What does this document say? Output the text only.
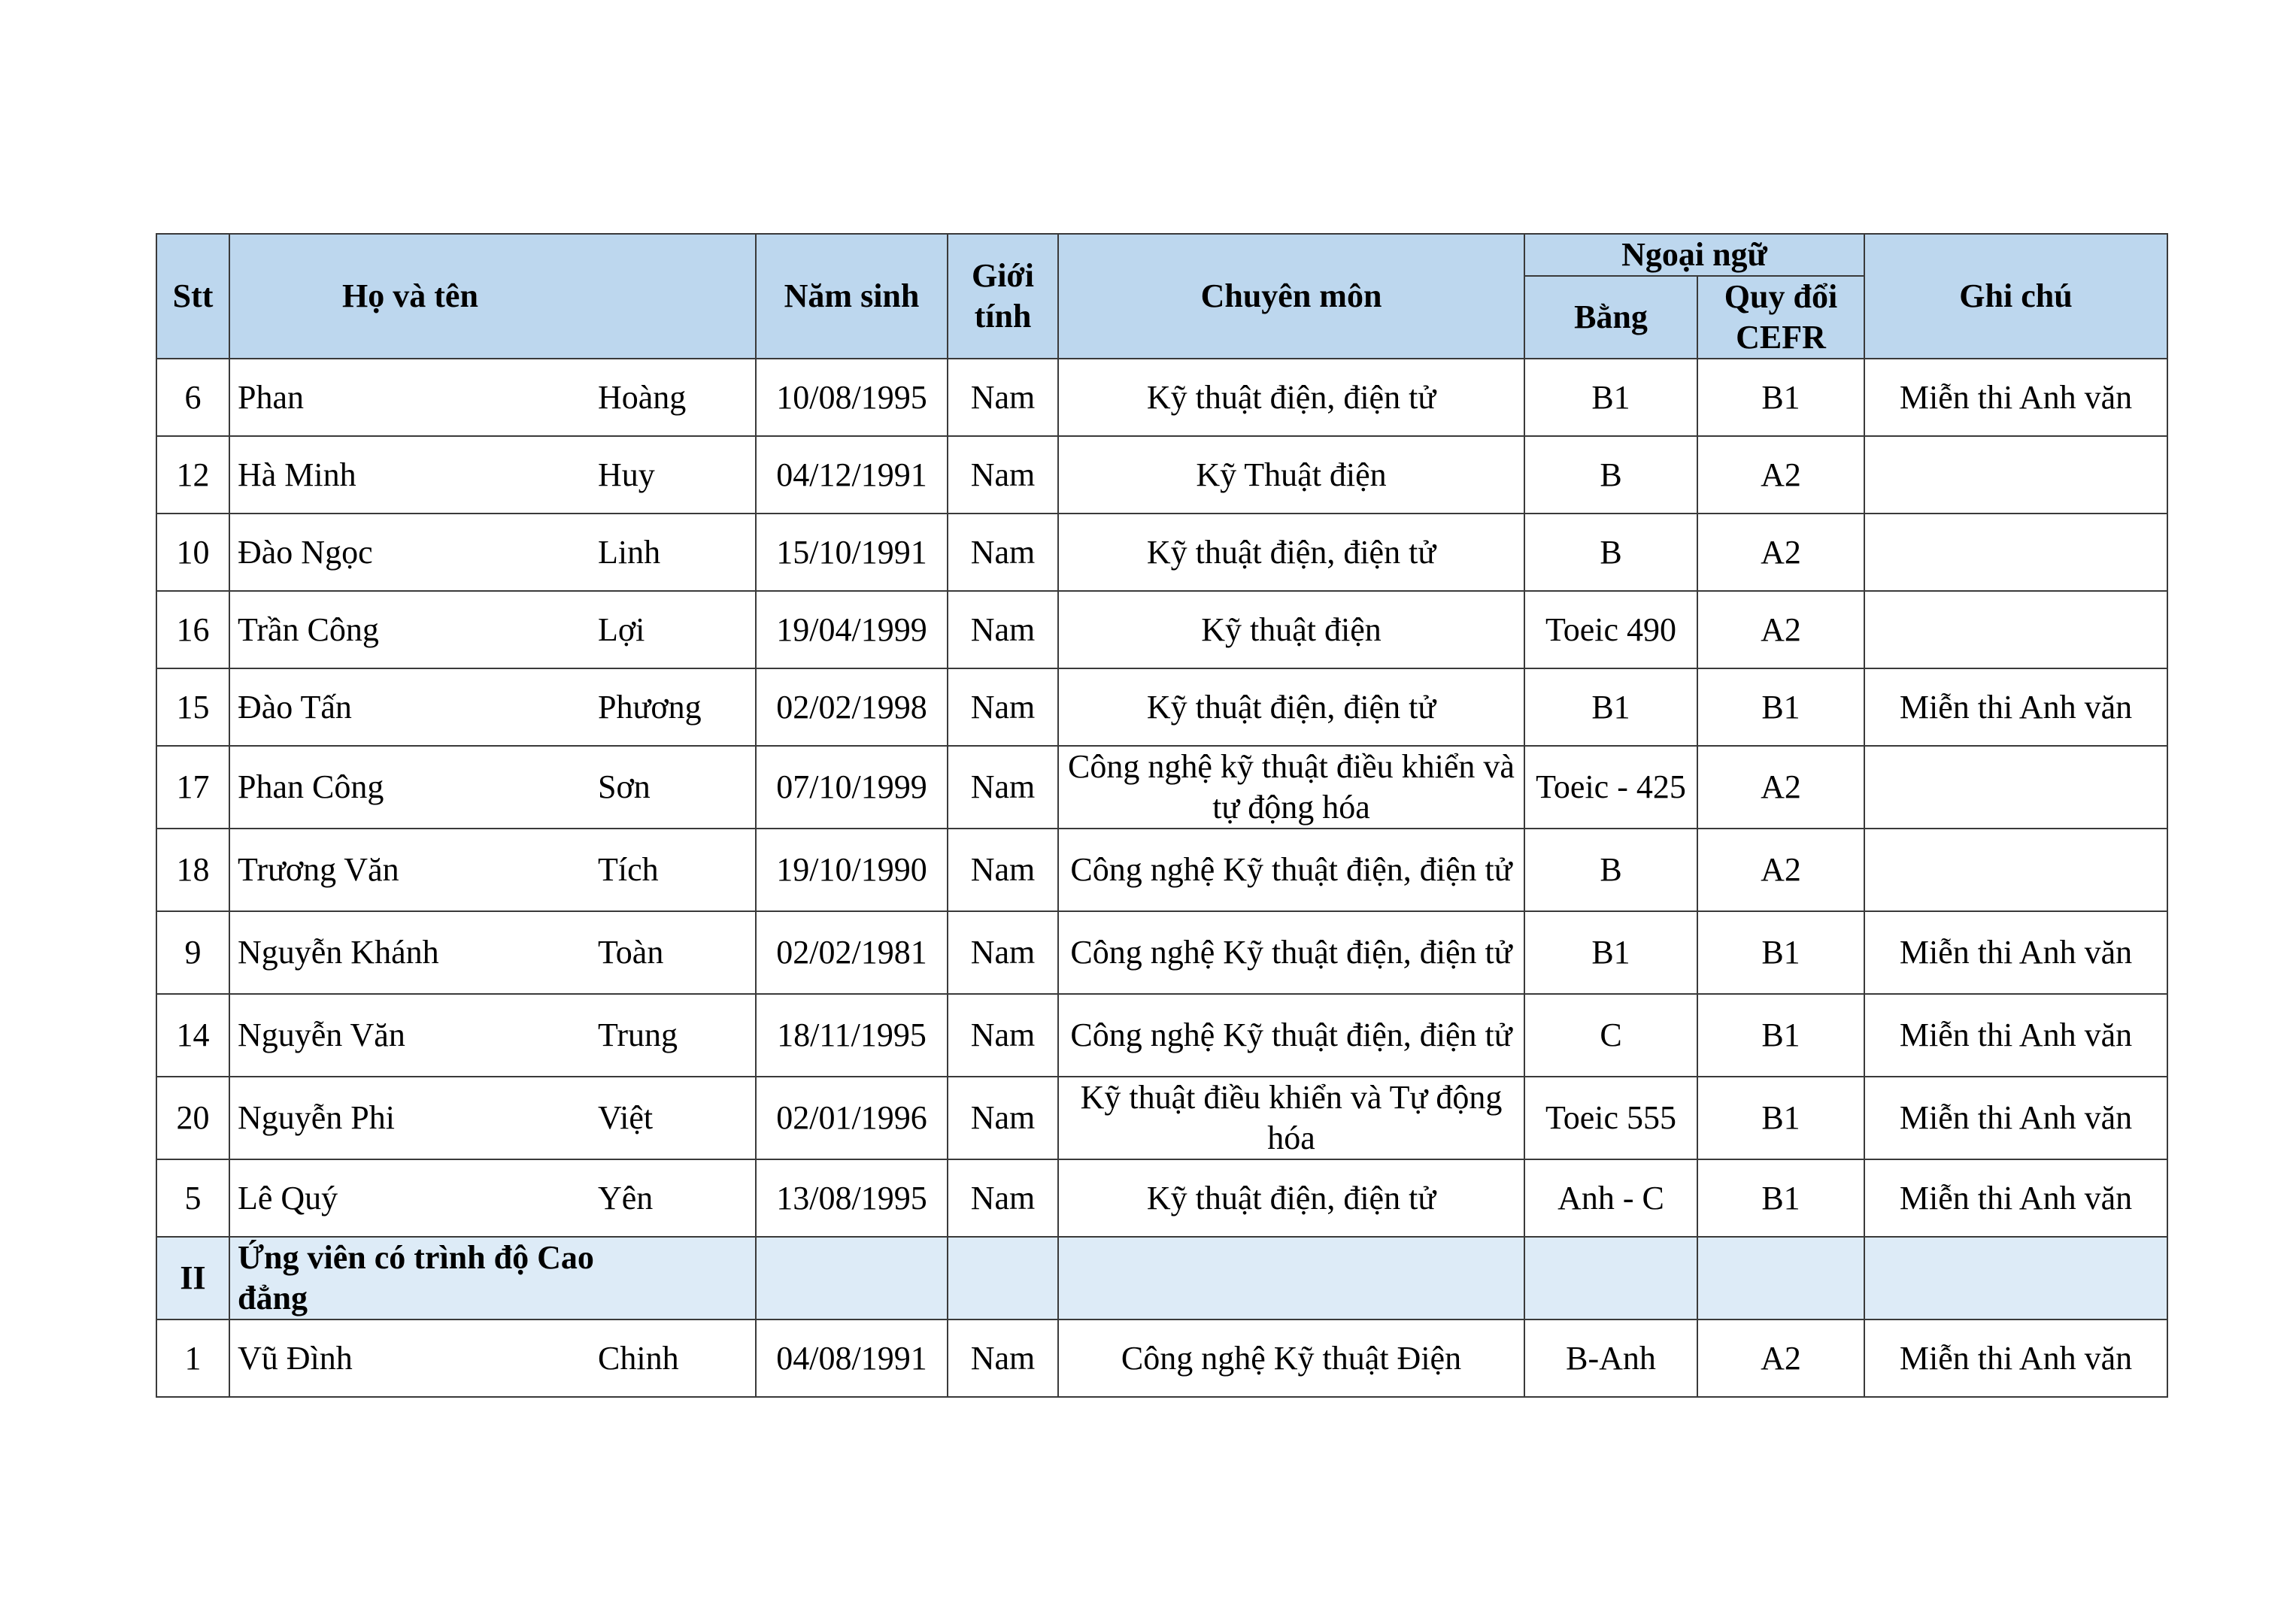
Stt	Họ và tên		Năm sinh	Giới tính	Chuyên môn	Ngoại ngữ		Ghi chú
						Bằng	Quy đổi CEFR	
6	Phan	Hoàng	10/08/1995	Nam	Kỹ thuật điện, điện tử	B1	B1	Miễn thi Anh văn
12	Hà Minh	Huy	04/12/1991	Nam	Kỹ Thuật điện	B	A2	
10	Đào Ngọc	Linh	15/10/1991	Nam	Kỹ thuật điện, điện tử	B	A2	
16	Trần Công	Lợi	19/04/1999	Nam	Kỹ thuật điện	Toeic 490	A2	
15	Đào Tấn	Phương	02/02/1998	Nam	Kỹ thuật điện, điện tử	B1	B1	Miễn thi Anh văn
17	Phan Công	Sơn	07/10/1999	Nam	Công nghệ kỹ thuật điều khiển và tự động hóa	Toeic - 425	A2	
18	Trương Văn	Tích	19/10/1990	Nam	Công nghệ Kỹ thuật điện, điện tử	B	A2	
9	Nguyễn Khánh	Toàn	02/02/1981	Nam	Công nghệ Kỹ thuật điện, điện tử	B1	B1	Miễn thi Anh văn
14	Nguyễn Văn	Trung	18/11/1995	Nam	Công nghệ Kỹ thuật điện, điện tử	C	B1	Miễn thi Anh văn
20	Nguyễn Phi	Việt	02/01/1996	Nam	Kỹ thuật điều khiển và Tự động hóa	Toeic 555	B1	Miễn thi Anh văn
5	Lê Quý	Yên	13/08/1995	Nam	Kỹ thuật điện, điện tử	Anh - C	B1	Miễn thi Anh văn
II	Ứng viên có trình độ Cao đẳng							
1	Vũ Đình	Chinh	04/08/1991	Nam	Công nghệ Kỹ thuật Điện	B-Anh	A2	Miễn thi Anh văn
